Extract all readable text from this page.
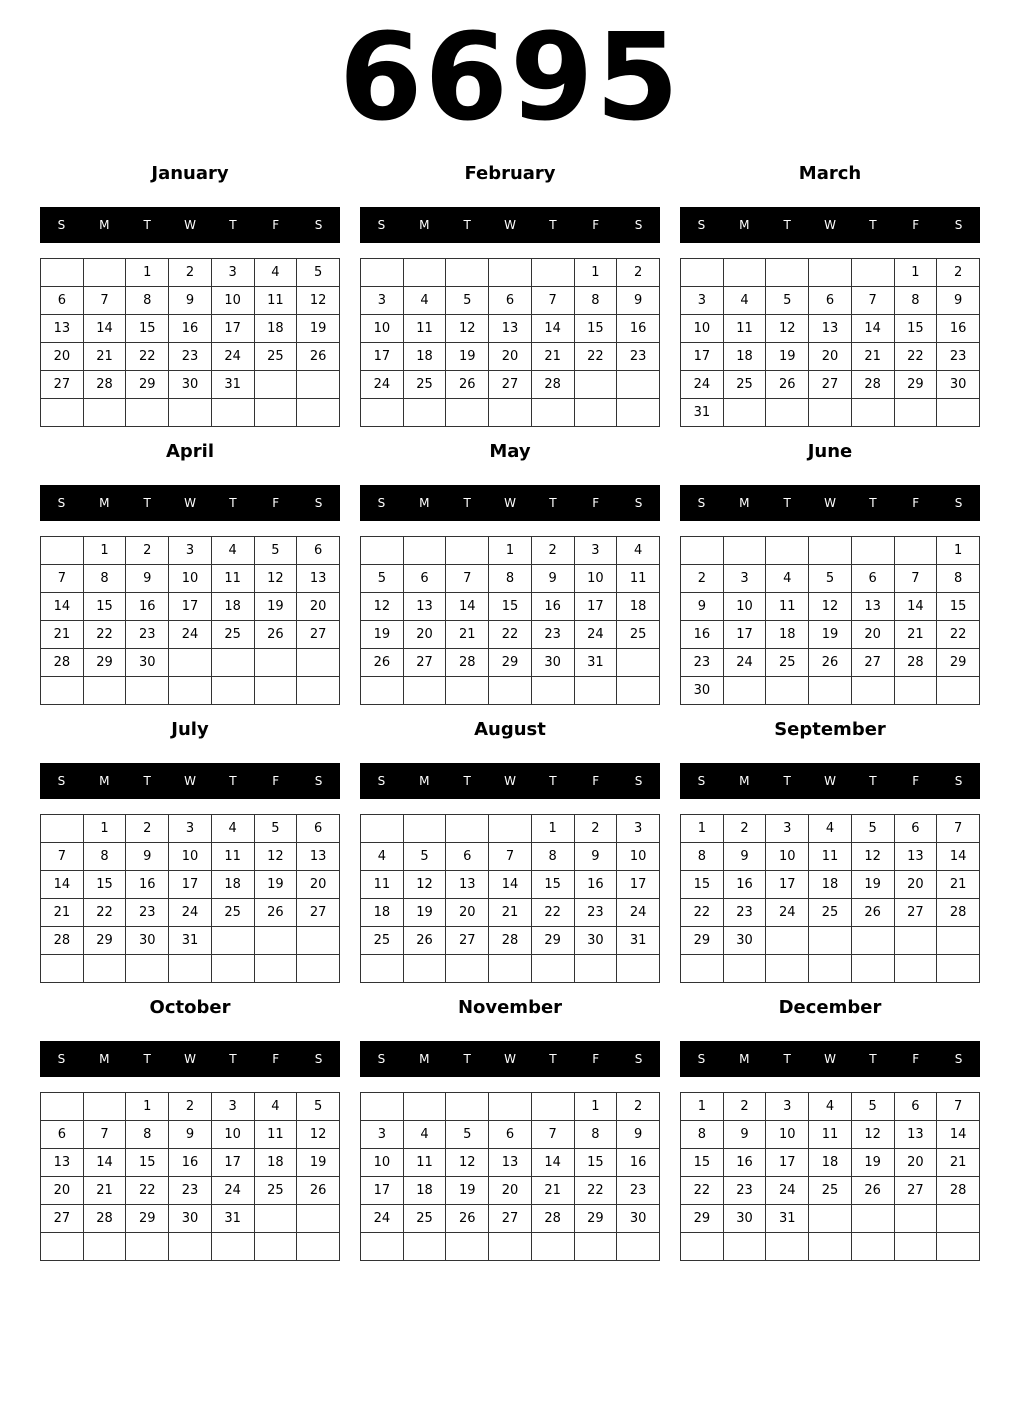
6695
January
S	M	T	W	T	F	S
		1	2	3	4	5
6	7	8	9	10	11	12
13	14	15	16	17	18	19
20	21	22	23	24	25	26
27	28	29	30	31		

February
S	M	T	W	T	F	S
					1	2
3	4	5	6	7	8	9
10	11	12	13	14	15	16
17	18	19	20	21	22	23
24	25	26	27	28		

March
S	M	T	W	T	F	S
					1	2
3	4	5	6	7	8	9
10	11	12	13	14	15	16
17	18	19	20	21	22	23
24	25	26	27	28	29	30
31						
April
S	M	T	W	T	F	S
	1	2	3	4	5	6
7	8	9	10	11	12	13
14	15	16	17	18	19	20
21	22	23	24	25	26	27
28	29	30				

May
S	M	T	W	T	F	S
			1	2	3	4
5	6	7	8	9	10	11
12	13	14	15	16	17	18
19	20	21	22	23	24	25
26	27	28	29	30	31	

June
S	M	T	W	T	F	S
						1
2	3	4	5	6	7	8
9	10	11	12	13	14	15
16	17	18	19	20	21	22
23	24	25	26	27	28	29
30						
July
S	M	T	W	T	F	S
	1	2	3	4	5	6
7	8	9	10	11	12	13
14	15	16	17	18	19	20
21	22	23	24	25	26	27
28	29	30	31			

August
S	M	T	W	T	F	S
				1	2	3
4	5	6	7	8	9	10
11	12	13	14	15	16	17
18	19	20	21	22	23	24
25	26	27	28	29	30	31

September
S	M	T	W	T	F	S
1	2	3	4	5	6	7
8	9	10	11	12	13	14
15	16	17	18	19	20	21
22	23	24	25	26	27	28
29	30					

October
S	M	T	W	T	F	S
		1	2	3	4	5
6	7	8	9	10	11	12
13	14	15	16	17	18	19
20	21	22	23	24	25	26
27	28	29	30	31		

November
S	M	T	W	T	F	S
					1	2
3	4	5	6	7	8	9
10	11	12	13	14	15	16
17	18	19	20	21	22	23
24	25	26	27	28	29	30

December
S	M	T	W	T	F	S
1	2	3	4	5	6	7
8	9	10	11	12	13	14
15	16	17	18	19	20	21
22	23	24	25	26	27	28
29	30	31				
